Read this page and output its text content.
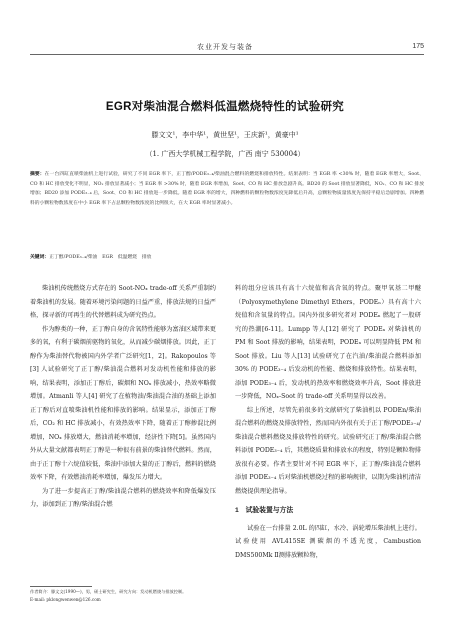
农业开发与装备	175
EGR对柴油混合燃料低温燃烧特性的试验研究
滕文文¹，李中华¹，黄世坚¹，王庆新¹，黄豪中¹
（1. 广西大学机械工程学院，广西 南宁 530004）
摘要：在一台四缸直喷柴油机上进行试验，研究了不同 EGR 率下，正丁醇/PODE₃₋₄/柴油混合燃料的燃烧和排放特性。结果表明：当 EGR 率 <30% 时，随着 EGR 率增大，Soot、CO 和 HC 排放变化不明显，NOₓ 排放显著减小；当 EGR 率 >30% 时，随着 EGR 率增加，Soot、CO 和 HC 排放急剧升高。BD20 的 Soot 排放显著降低，NOₓ、CO 和 HC 排放增加；BD20 添加 PODE₃₋₄ 后，Soot、CO 和 HC 排放进一步降低。随着 EGR 率的增大，四种燃料的颗粒物数浓度先降低后升高，总颗粒物质量浓度先保持平稳后急剧增加。四种燃料的小颗粒物数浓度在中小 EGR 率下占总颗粒物数浓度的比例很大，在大 EGR 率时显著减小。
关键词：正丁醇/PODE₃₋₄/柴油　EGR　低温燃烧　排放

柴油机传统燃烧方式存在的 Soot-NOₓ trade-off 关系严重制约着柴油机的发展。随着环境污染问题的日益严重，排放法规的日益严格，探寻新的可再生的代替燃料成为研究热点。

作为醇类的一种，正丁醇自身的含氧特性能够为富油区域带来更多的氧，有利于碳烟前驱物的氧化，从而减少碳烟排放。因此，正丁醇作为柴油替代物被国内外学者广泛研究[1，2]。Rakopoulos 等[3] 人试验研究了正丁醇/柴油混合燃料对发动机性能和排放的影响，结果表明，添加正丁醇后，碳烟和 NOₓ 排放减小，热效率略微增加。Atmanli 等人[4] 研究了在植物油/柴油混合油的基础上添加正丁醇后对直喷柴油机性能和排放的影响。结果显示，添加正丁醇后，CO₂ 和 HC 排放减小，有效热效率下降，随着正丁醇掺混比例增加，NOₓ 排放增大，燃油消耗率增加，经济性下降[5]。虽然国内外从大量文献都表明正丁醇是一种很有前景的柴油替代燃料。然而，由于正丁醇十六烷值较低，柴油中添加大量的正丁醇后，燃料的燃烧效率下降，有效燃油消耗率增加，爆发压力增大。

为了进一步提高正丁醇/柴油混合燃料的燃烧效率和降低爆发压力，添加到正丁醇/柴油混合燃

料的组分应该具有高十六烷值和高含氧的特点。聚甲氧基二甲醚（Polyoxymethylene Dimethyl Ethers，PODEₙ）具有高十六烷值和含氧量的特点。国内外很多研究者对 PODEₙ 燃起了一股研究的热潮[6-11]。Lumpp 等人[12] 研究了 PODEₙ 对柴油机的 PM 和 Soot 排放的影响，结果表明，PODEₙ 可以明显降低 PM 和 Soot 排放。Liu 等人[13] 试验研究了在汽油/柴油混合燃料添加 30% 的 PODE₃₋₄ 后发动机的性能、燃烧和排放特性。结果表明，添加 PODE₃₋₄ 后，发动机的热效率和燃烧效率升高，Soot 排放进一步降低，NOₓ-Soot 的 trade-off 关系明显得以改善。

综上所述，尽管先前很多的文献研究了柴油机以 PODEn/柴油混合燃料的燃烧及排放特性，然而国内外很有关于正丁醇/PODE₃₋₄/柴油混合燃料燃烧及排放特性的研究。试验研究正丁醇/柴油混合燃料添加 PODE₃₋₄ 后，其燃烧质量和排放水的程度，特别是颗粒物排放很有必要。作者主要针对不同 EGR 率下，正丁醇/柴油混合燃料添加 PODE₃₋₄ 后对柴油机燃烧过程的影响规律，以期为柴油机清洁燃烧提供理论指导。

1　试验装置与方法

试验在一台排量 2.0L 的四缸，水冷、涡轮增压柴油机上进行。试验使用 AVL415SE 测碳烟的不透光度，Cambustion DMS500Mk Ⅱ测排放颗粒物，

作者简介：滕文文(1990—)，男，硕士研究生，研究方向：发动机燃烧与排放控制。
E-mail: pklongwenwen@126.com
